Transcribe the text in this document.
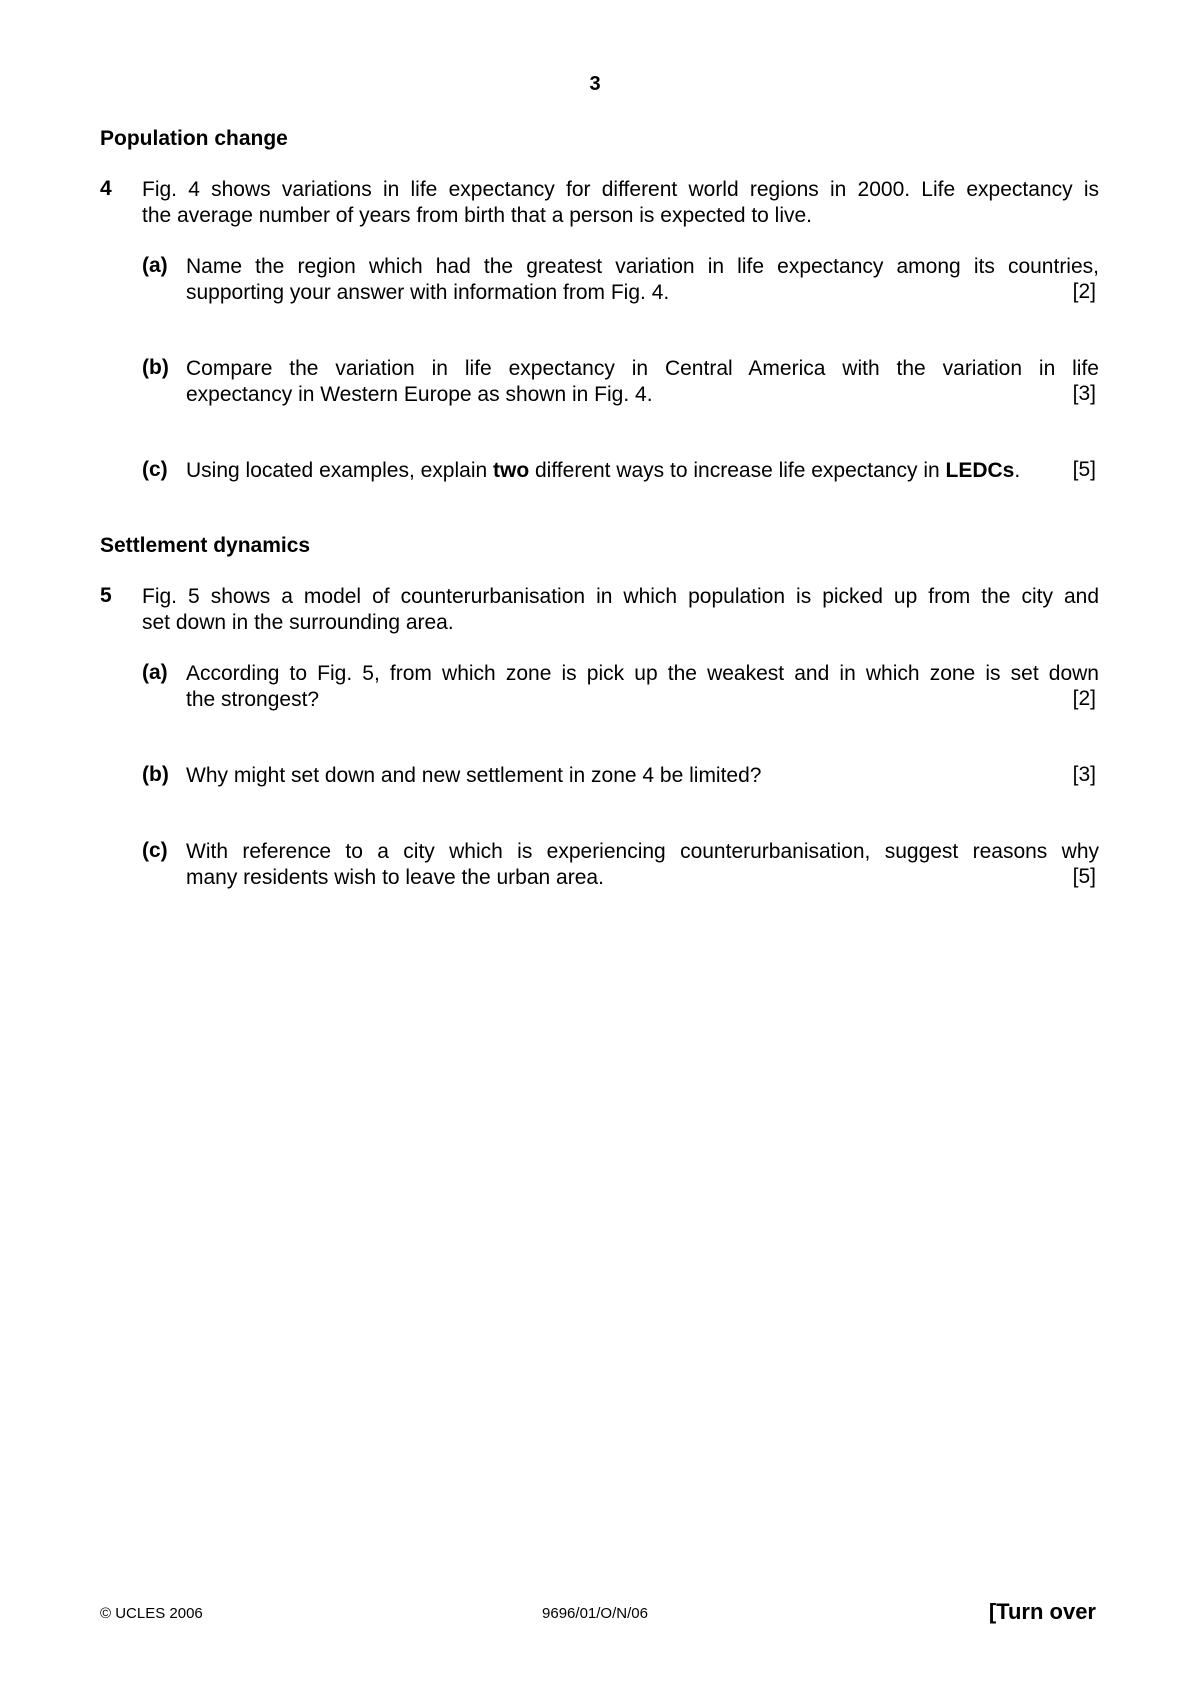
3
Population change
4 Fig. 4 shows variations in life expectancy for different world regions in 2000. Life expectancy is
the average number of years from birth that a person is expected to live.
(a) Name the region which had the greatest variation in life expectancy among its countries,
supporting your answer with information from Fig. 4.	[2]
(b) Compare the variation in life expectancy in Central America with the variation in life
expectancy in Western Europe as shown in Fig. 4.	[3]
(c) Using located examples, explain two different ways to increase life expectancy in LEDCs.	[5]
Settlement dynamics
5 Fig. 5 shows a model of counterurbanisation in which population is picked up from the city and
set down in the surrounding area.
(a) According to Fig. 5, from which zone is pick up the weakest and in which zone is set down
the strongest?	[2]
(b) Why might set down and new settlement in zone 4 be limited?	[3]
(c) With reference to a city which is experiencing counterurbanisation, suggest reasons why
many residents wish to leave the urban area.	[5]
© UCLES 2006	9696/01/O/N/06	[Turn over
